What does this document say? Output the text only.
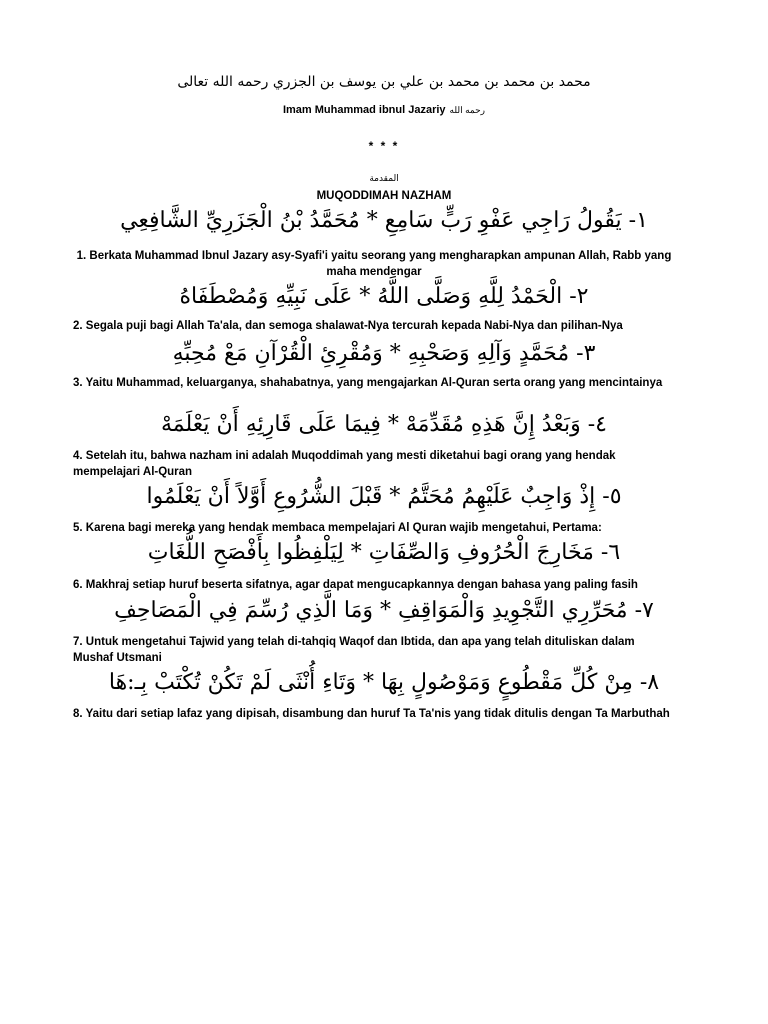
محمد بن محمد بن محمد بن علي بن يوسف بن الجزري رحمه الله تعالى
Imam Muhammad ibnul Jazariy رحمه الله
* * *
المقدمة
MUQODDIMAH NAZHAM
١- يَقُولُ رَاجِي عَفْوِ رَبٍّ سَامِعِ * مُحَمَّدُ بْنُ الْجَزَرِيِّ الشَّافِعِي
1. Berkata Muhammad Ibnul Jazary asy-Syafi'i yaitu seorang yang mengharapkan ampunan Allah, Rabb yang maha mendengar
٢- الْحَمْدُ لِلَّهِ وَصَلَّى اللَّهُ * عَلَى نَبِيِّهِ وَمُصْطَفَاهُ
2. Segala puji bagi Allah Ta'ala, dan semoga shalawat-Nya tercurah kepada Nabi-Nya dan pilihan-Nya
٣- مُحَمَّدٍ وَآلِهِ وَصَحْبِهِ * وَمُقْرِئِ الْقُرْآنِ مَعْ مُحِبِّهِ
3. Yaitu Muhammad, keluarganya, shahabatnya, yang mengajarkan Al-Quran serta orang yang mencintainya
٤- وَبَعْدُ إِنَّ هَذِهِ مُقَدِّمَهْ * فِيمَا عَلَى قَارِئِهِ أَنْ يَعْلَمَهْ
4. Setelah itu, bahwa nazham ini adalah Muqoddimah yang mesti diketahui bagi orang yang hendak mempelajari Al-Quran
٥- إِذْ وَاجِبٌ عَلَيْهِمُ مُحَتَّمُ * قَبْلَ الشُّرُوعِ أَوَّلاً أَنْ يَعْلَمُوا
5. Karena bagi mereka yang hendak membaca mempelajari Al Quran wajib mengetahui, Pertama:
٦- مَخَارِجَ الْحُرُوفِ وَالصِّفَاتِ * لِيَلْفِظُوا بِأَفْصَحِ اللُّغَاتِ
6. Makhraj setiap huruf beserta sifatnya, agar dapat mengucapkannya dengan bahasa yang paling fasih
٧- مُحَرِّرِي التَّجْوِيدِ وَالْمَوَاقِفِ * وَمَا الَّذِي رُسِّمَ فِي الْمَصَاحِفِ
7. Untuk mengetahui Tajwid yang telah di-tahqiq Waqof dan Ibtida, dan apa yang telah dituliskan dalam Mushaf Utsmani
٨- مِنْ كُلِّ مَقْطُوعٍ وَمَوْصُولٍ بِهَا * وَتَاءِ أُنْثَى لَمْ تَكُنْ تُكْتَبْ بِـ:هَا
8. Yaitu dari setiap lafaz yang dipisah, disambung dan huruf Ta Ta'nis yang tidak ditulis dengan Ta Marbuthah
